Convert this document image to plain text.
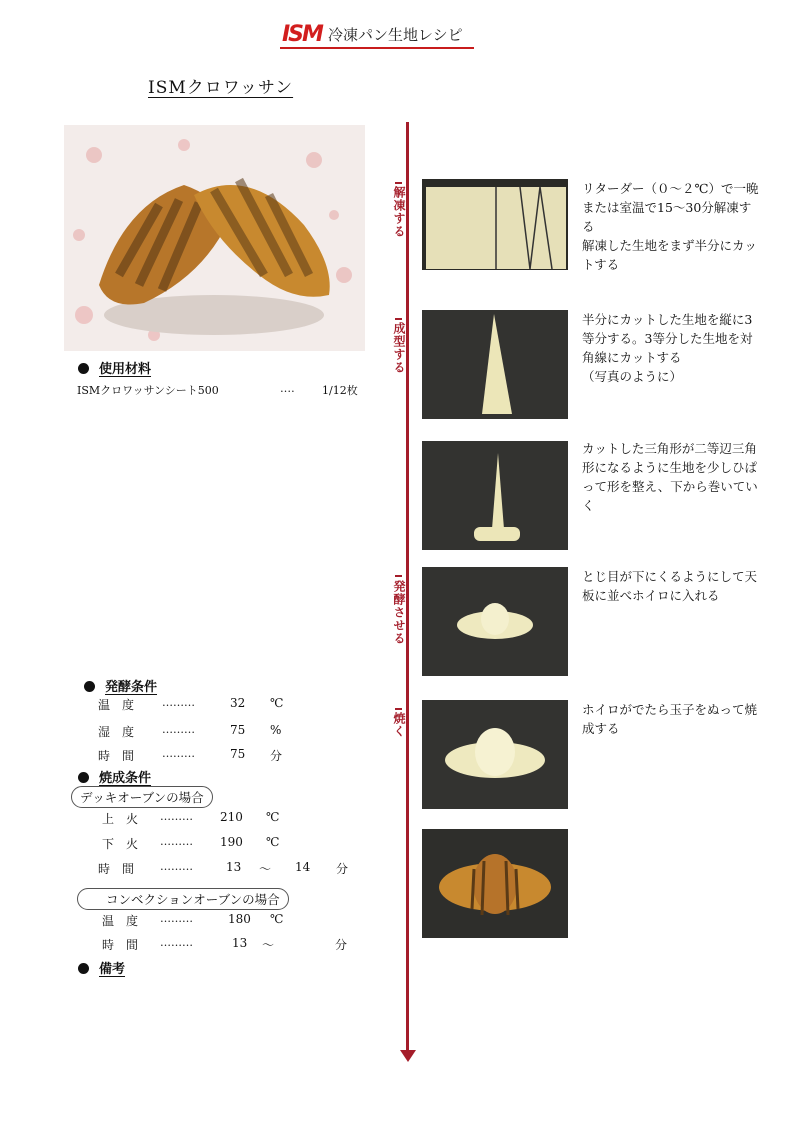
ISM 冷凍パン生地レシピ
ISMクロワッサン
使用材料
ISMクロワッサンシート500	‥‥ 1/12枚
発酵条件
温　度	………	32 ℃
湿　度	………	75 %
時　間	………	75 分
焼成条件
デッキオーブンの場合
上　火 ……… 210 ℃
下　火 ……… 190 ℃
時　間 ………	13 〜 14 分
コンベクションオーブンの場合
温　度 ………	180 ℃
時　間 ………	13 〜	分
備考
解凍する
成型する
発酵させる
焼く
リターダー（０〜２℃）で一晩または室温で15〜30分解凍する
解凍した生地をまず半分にカットする
半分にカットした生地を縦に3等分する。3等分した生地を対角線にカットする
（写真のように）
カットした三角形が二等辺三角形になるように生地を少しひぱって形を整え、下から巻いていく
とじ目が下にくるようにして天板に並べホイロに入れる
ホイロがでたら玉子をぬって焼成する
